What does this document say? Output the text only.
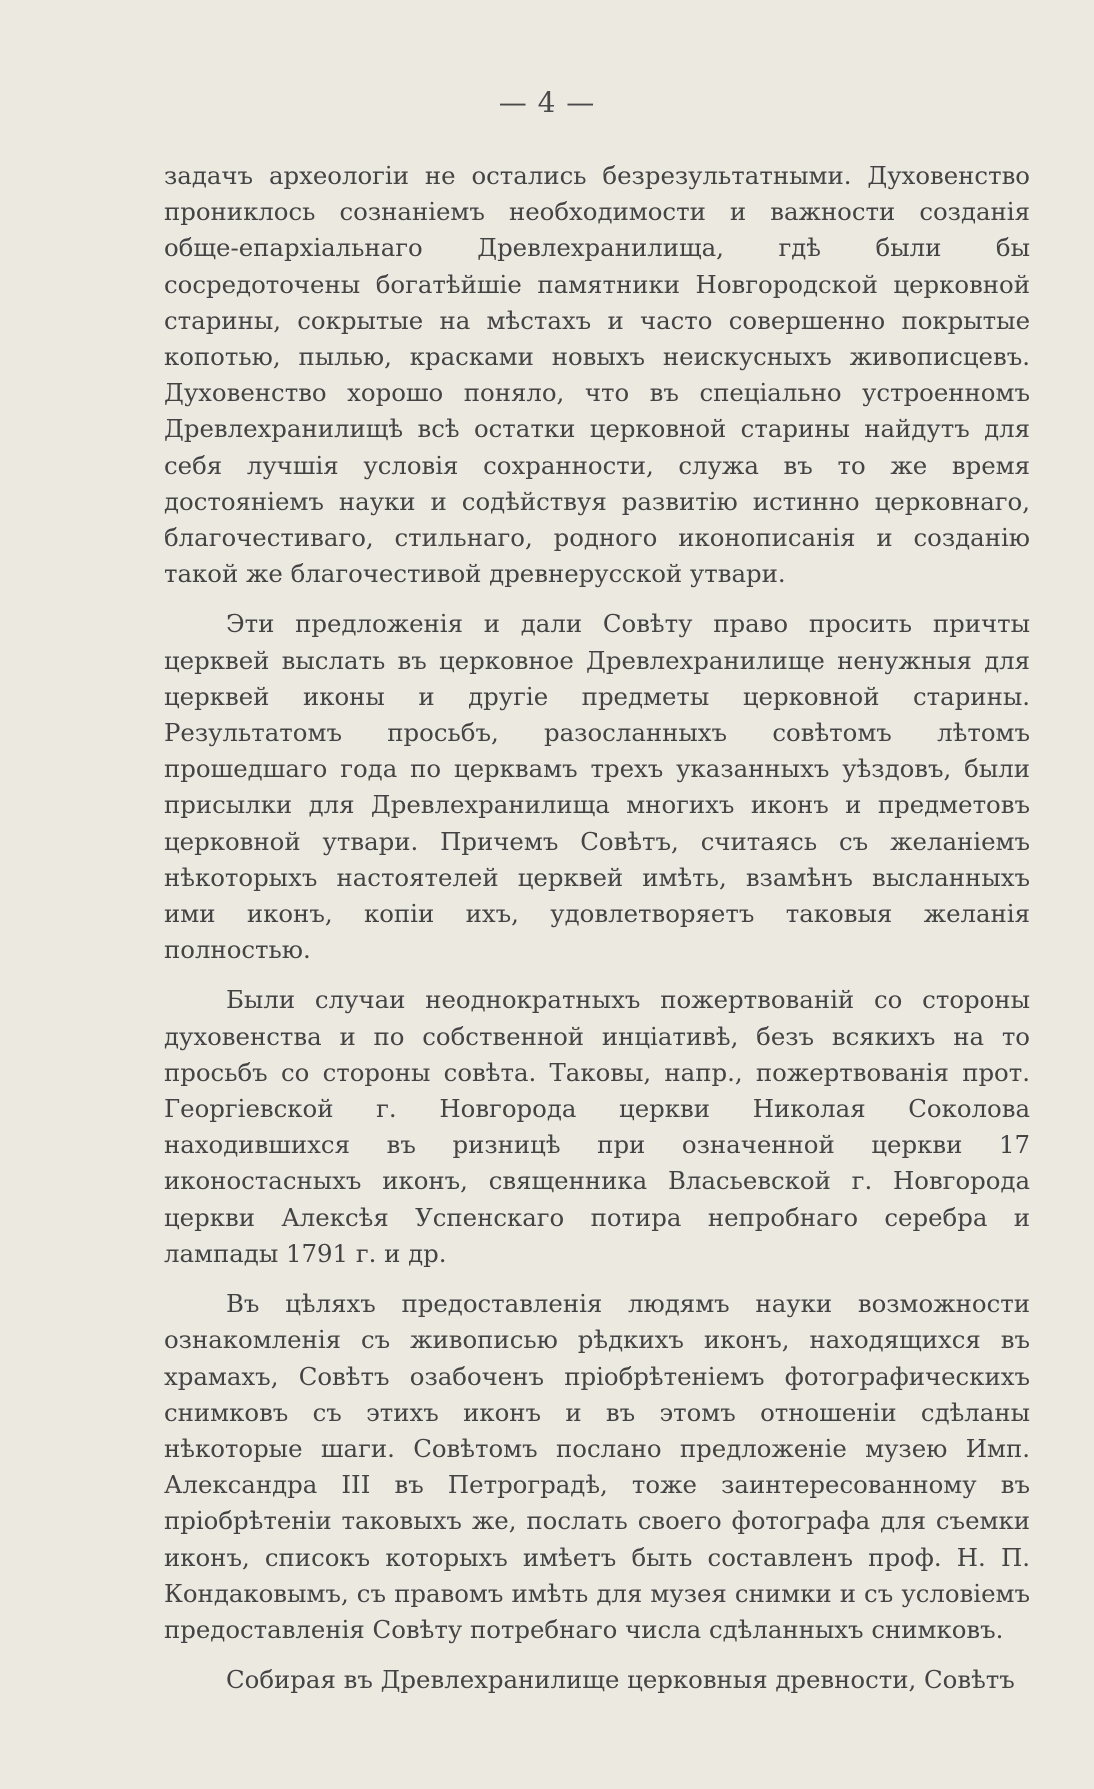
— 4 —

задачъ археологіи не остались безрезультатными. Духовенство прониклось сознаніемъ необходимости и важности созданія обще-епархіальнаго Древлехранилища, гдѣ были бы сосредоточены богатѣйшіе памятники Новгородской церковной старины, сокрытые на мѣстахъ и часто совершенно покрытые копотью, пылью, красками новыхъ неискусныхъ живописцевъ. Духовенство хорошо поняло, что въ спеціально устроенномъ Древлехранилищѣ всѣ остатки церковной старины найдутъ для себя лучшія условія сохранности, служа въ то же время достояніемъ науки и содѣйствуя развитію истинно церковнаго, благочестиваго, стильнаго, родного иконописанія и созданію такой же благочестивой древнерусской утвари.

Эти предложенія и дали Совѣту право просить причты церквей выслать въ церковное Древлехранилище ненужныя для церквей иконы и другіе предметы церковной старины. Результатомъ просьбъ, разосланныхъ совѣтомъ лѣтомъ прошедшаго года по церквамъ трехъ указанныхъ уѣздовъ, были присылки для Древлехранилища многихъ иконъ и предметовъ церковной утвари. Причемъ Совѣтъ, считаясь съ желаніемъ нѣкоторыхъ настоятелей церквей имѣть, взамѣнъ высланныхъ ими иконъ, копіи ихъ, удовлетворяетъ таковыя желанія полностью.

Были случаи неоднократныхъ пожертвованій со стороны духовенства и по собственной инціативѣ, безъ всякихъ на то просьбъ со стороны совѣта. Таковы, напр., пожертвованія прот. Георгіевской г. Новгорода церкви Николая Соколова находившихся въ ризницѣ при означенной церкви 17 иконостасныхъ иконъ, священника Власьевской г. Новгорода церкви Алексѣя Успенскаго потира непробнаго серебра и лампады 1791 г. и др.

Въ цѣляхъ предоставленія людямъ науки возможности ознакомленія съ живописью рѣдкихъ иконъ, находящихся въ храмахъ, Совѣтъ озабоченъ пріобрѣтеніемъ фотографическихъ снимковъ съ этихъ иконъ и въ этомъ отношеніи сдѣланы нѣкоторые шаги. Совѣтомъ послано предложеніе музею Имп. Александра III въ Петроградѣ, тоже заинтересованному въ пріобрѣтеніи таковыхъ же, послать своего фотографа для съемки иконъ, списокъ которыхъ имѣетъ быть составленъ проф. Н. П. Кондаковымъ, съ правомъ имѣть для музея снимки и съ условіемъ предоставленія Совѣту потребнаго числа сдѣланныхъ снимковъ.

Собирая въ Древлехранилище церковныя древности, Совѣтъ
